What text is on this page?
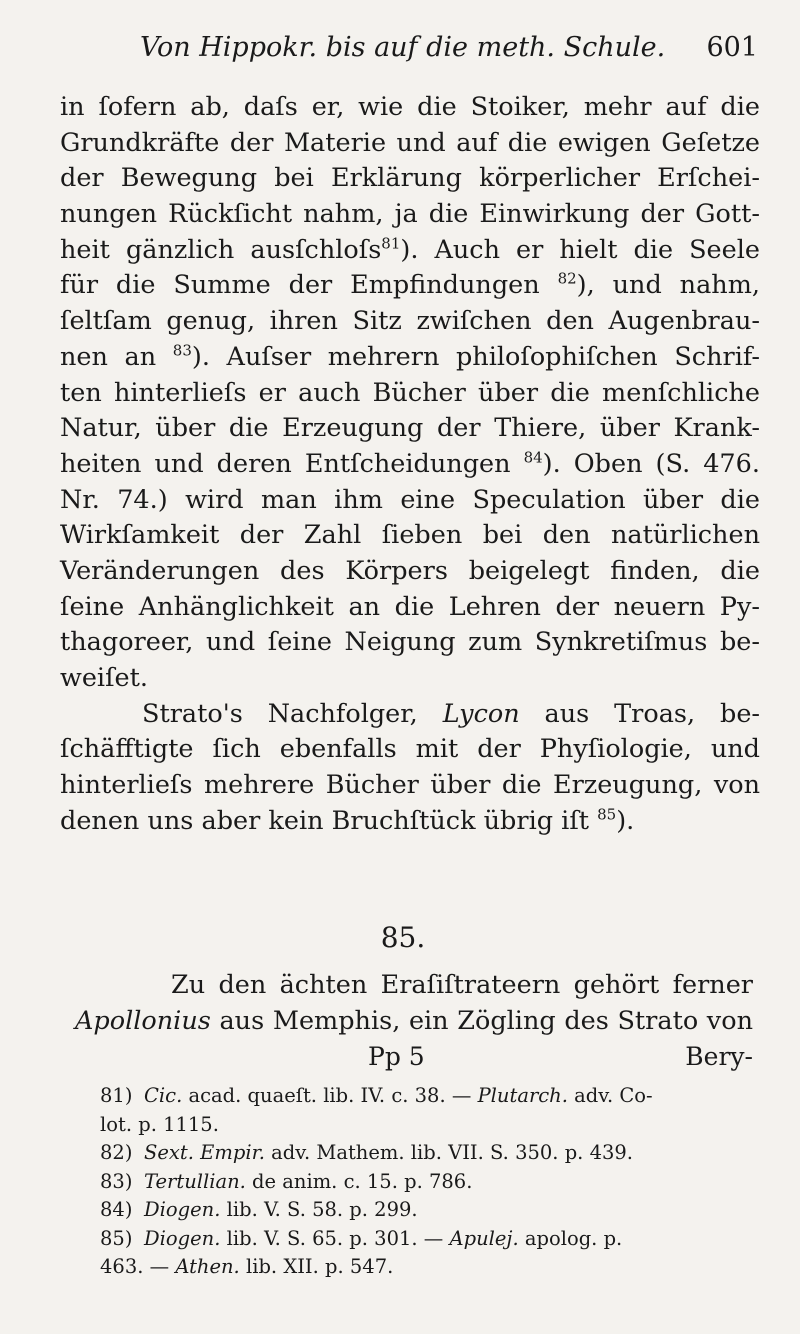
Von Hippokr. bis auf die meth. Schule. 601
in ſofern ab, daſs er, wie die Stoiker, mehr auf die
Grundkräfte der Materie und auf die ewigen Geſetze
der Bewegung bei Erklärung körperlicher Erſchei-
nungen Rückſicht nahm, ja die Einwirkung der Gott-
heit gänzlich ausſchloſs$^{81}$). Auch er hielt die Seele
für die Summe der Empfindungen $^{82}$), und nahm,
ſeltſam genug, ihren Sitz zwiſchen den Augenbrau-
nen an $^{83}$). Auſser mehrern philoſophiſchen Schrif-
ten hinterlieſs er auch Bücher über die menſchliche
Natur, über die Erzeugung der Thiere, über Krank-
heiten und deren Entſcheidungen $^{84}$). Oben (S. 476.
Nr. 74.) wird man ihm eine Speculation über die
Wirkſamkeit der Zahl ſieben bei den natürlichen
Veränderungen des Körpers beigelegt finden, die
ſeine Anhänglichkeit an die Lehren der neuern Py-
thagoreer, und ſeine Neigung zum Synkretiſmus be-
weiſet.
Strato's Nachfolger, Lycon aus Troas, be-
ſchäfftigte ſich ebenfalls mit der Phyſiologie, und
hinterlieſs mehrere Bücher über die Erzeugung, von
denen uns aber kein Bruchſtück übrig iſt $^{85}$).
85.
Zu den ächten Eraſiſtrateern gehört ferner
Apollonius aus Memphis, ein Zögling des Strato von
Pp 5	Bery-
81) Cic. acad. quaeſt. lib. IV. c. 38. — Plutarch. adv. Co-
lot. p. 1115.
82) Sext. Empir. adv. Mathem. lib. VII. S. 350. p. 439.
83) Tertullian. de anim. c. 15. p. 786.
84) Diogen. lib. V. S. 58. p. 299.
85) Diogen. lib. V. S. 65. p. 301. — Apulej. apolog. p.
463. — Athen. lib. XII. p. 547.
